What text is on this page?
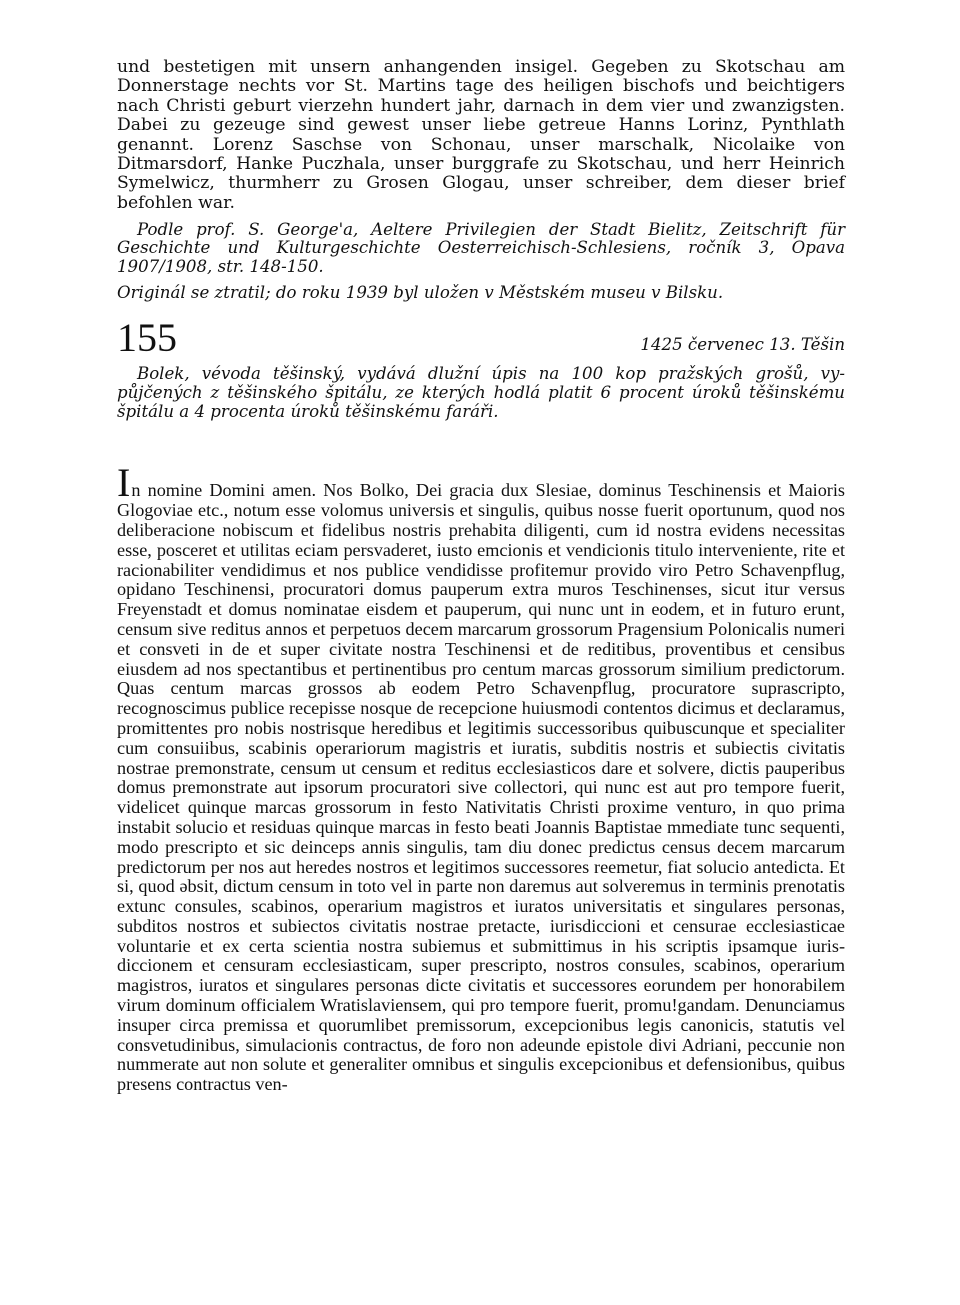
und bestetigen mit unsern anhangenden insigel. Gegeben zu Skotschau am Donnerstage nechts vor St. Martins tage des heiligen bischofs und beichtigers nach Christi geburt vierzehn hundert jahr, darnach in dem vier und zwanzigsten. Dabei zu gezeuge sind gewest unser liebe getreue Hanns Lorinz, Pynthlath genannt. Lorenz Saschse von Schonau, unser marschalk, Nicolaike von Ditmarsdorf, Hanke Puczhala, unser burggrafe zu Skotschau, und herr Heinrich Symelwicz, thurmherr zu Grosen Glogau, unser schreiber, dem dieser brief befohlen war.

Podle prof. S. George'a, Aeltere Privilegien der Stadt Bielitz, Zeitschrift für Geschichte und Kulturgeschichte Oesterreichisch-Schlesiens, ročník 3, Opava 1907/1908, str. 148-150.

Originál se ztratil; do roku 1939 byl uložen v Městském museu v Bilsku.

155	1425 červenec 13. Těšin

Bolek, vévoda těšinský, vydává dlužní úpis na 100 kop pražských grošů, vypůjčených z těšinského špitálu, ze kterých hodlá platit 6 procent úroků těšinskému špitálu a 4 procenta úroků těšinskému faráři.

In nomine Domini amen. Nos Bolko, Dei gracia dux Slesiae, dominus Teschinensis et Maioris Glogoviae etc., notum esse volomus universis et singulis, quibus nosse fuerit oportunum, quod nos deliberacione nobiscum et fidelibus nostris prehabita diligenti, cum id nostra evidens necessitas esse, posceret et utilitas eciam persvaderet, iusto emcionis et vendicionis titulo interveniente, rite et racionabiliter vendidimus et nos publice vendidisse profitemur provido viro Petro Schavenpflug, opidano Teschinensi, procuratori domus pauperum extra muros Teschinenses, sicut itur versus Freyenstadt et domus nominatae eisdem et pauperum, qui nunc unt in eodem, et in futuro erunt, censum sive reditus annos et perpetuos decem marcarum grossorum Pragensium Polonicalis numeri et consveti in de et super civitate nostra Teschinensi et de reditibus, proventibus et censibus eiusdem ad nos spectantibus et pertinentibus pro centum marcas grossorum similium predictorum. Quas centum marcas grossos ab eodem Petro Schavenpflug, procuratore suprascripto, recognoscimus publice recepisse nosque de recepcione huiusmodi contentos dicimus et declaramus, promittentes pro nobis nostrisque heredibus et legitimis successoribus quibuscunque et specialiter cum consuiibus, scabinis operariorum magistris et iuratis, subditis nostris et subiectis civitatis nostrae premonstrate, censum ut censum et reditus ecclesiasticos dare et solvere, dictis pauperibus domus premonstrate aut ipsorum procuratori sive collectori, qui nunc est aut pro tempore fuerit, videlicet quinque marcas grossorum in festo Nativitatis Christi proxime venturo, in quo prima instabit solucio et residuas quinque marcas in festo beati Joannis Baptistae mmediate tunc sequenti, modo prescripto et sic deinceps annis singulis, tam diu donec predictus census decem marcarum predictorum per nos aut heredes nostros et legitimos successores reemetur, fiat solucio antedicta. Et si, quod əbsit, dictum censum in toto vel in parte non daremus aut solveremus in terminis prenotatis extunc consules, scabinos, operarium magistros et iuratos universitatis et singulares personas, subditos nostros et subiectos civitatis nostrae pretacte, iurisdiccioni et censurae ecclesiasticae voluntarie et ex certa scientia nostra subiemus et submittimus in his scriptis ipsamque iurisdiccionem et censuram ecclesiasticam, super prescripto, nostros consules, scabinos, operarium magistros, iuratos et singulares personas dicte civitatis et successores eorundem per honorabilem virum dominum officialem Wratislaviensem, qui pro tempore fuerit, promu!gandam. Denunciamus insuper circa premissa et quorumlibet premissorum, excepcionibus legis canonicis, statutis vel consvetudinibus, simulacionis contractus, de foro non adeunde epistole divi Adriani, peccunie non nummerate aut non solute et generaliter omnibus et singulis excepcionibus et defensionibus, quibus presens contractus ven-
